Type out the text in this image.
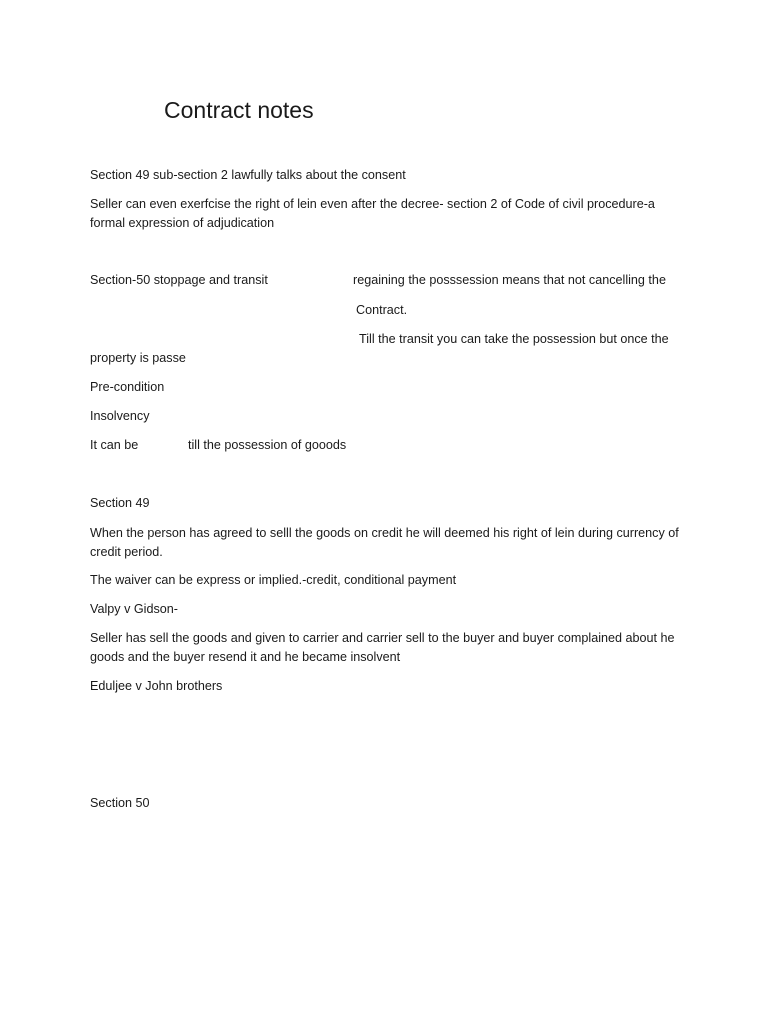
Contract notes
Section 49 sub-section 2 lawfully talks about the consent
Seller can even exerfcise the right of lein even after the decree- section 2 of Code of civil procedure-a formal expression of adjudication
Section-50 stoppage and transit	regaining the posssession means that not cancelling the
Contract.
Till the transit you can take the possession but once the
property is passe
Pre-condition
Insolvency
It can be	till the possession of gooods
Section 49
When the person has agreed to selll the goods on credit he will deemed his right of lein during currency of credit period.
The waiver can be express or implied.-credit, conditional payment
Valpy v Gidson-
Seller has sell the goods and given to carrier and carrier sell to the buyer and buyer complained about he goods and the buyer resend it and he became insolvent
Eduljee v John brothers
Section 50
